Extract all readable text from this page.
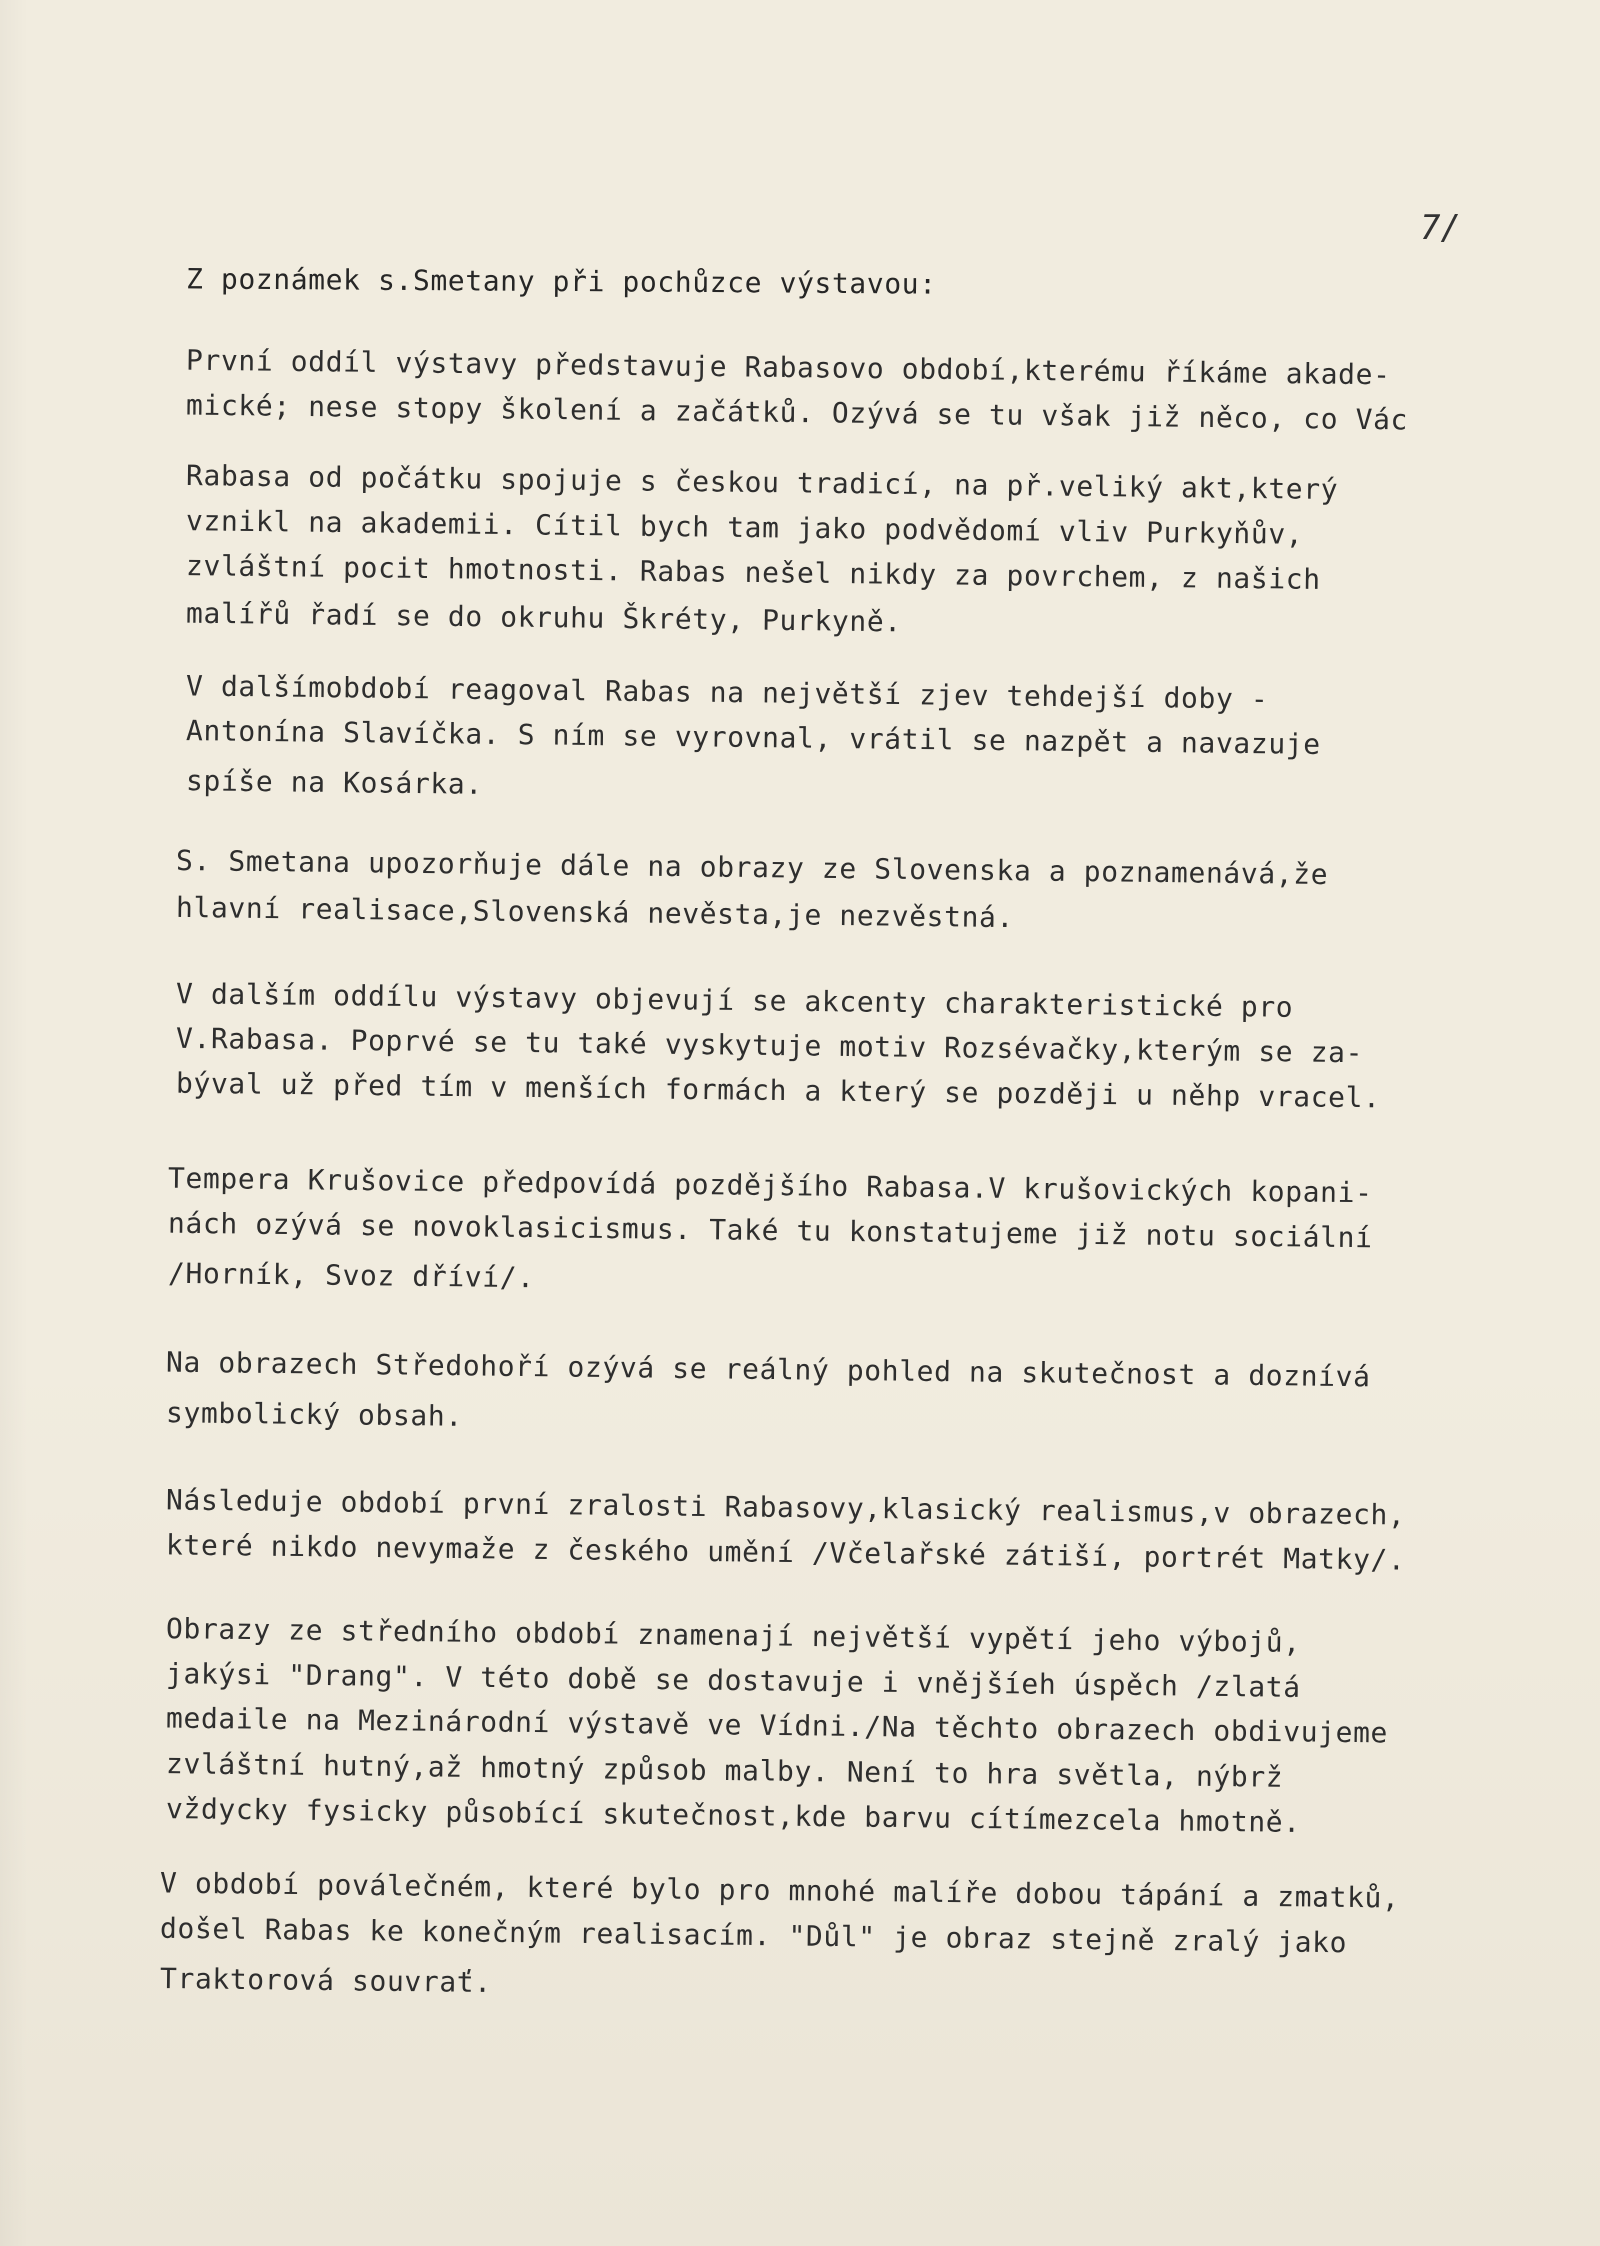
7/
Z poznámek s.Smetany při pochůzce výstavou:
První oddíl výstavy představuje Rabasovo období,kterému říkáme akade-
mické; nese stopy školení a začátků. Ozývá se tu však již něco, co Vác
Rabasa od počátku spojuje s českou tradicí, na př.veliký akt,který
vznikl na akademii. Cítil bych tam jako podvědomí vliv Purkyňův,
zvláštní pocit hmotnosti. Rabas nešel nikdy za povrchem, z našich
malířů řadí se do okruhu Škréty, Purkyně.
V dalšímobdobí reagoval Rabas na největší zjev tehdejší doby -
Antonína Slavíčka. S ním se vyrovnal, vrátil se nazpět a navazuje
spíše na Kosárka.
S. Smetana upozorňuje dále na obrazy ze Slovenska a poznamenává,že
hlavní realisace,Slovenská nevěsta,je nezvěstná.
V dalším oddílu výstavy objevují se akcenty charakteristické pro
V.Rabasa. Poprvé se tu také vyskytuje motiv Rozsévačky,kterým se za-
býval už před tím v menších formách a který se později u něhp vracel.
Tempera Krušovice předpovídá pozdějšího Rabasa.V krušovických kopani-
nách ozývá se novoklasicismus. Také tu konstatujeme již notu sociální
/Horník, Svoz dříví/.
Na obrazech Středohoří ozývá se reálný pohled na skutečnost a doznívá
symbolický obsah.
Následuje období první zralosti Rabasovy,klasický realismus,v obrazech,
které nikdo nevymaže z českého umění /Včelařské zátiší, portrét Matky/.
Obrazy ze středního období znamenají největší vypětí jeho výbojů,
jakýsi "Drang". V této době se dostavuje i vnějšíeh úspěch /zlatá
medaile na Mezinárodní výstavě ve Vídni./Na těchto obrazech obdivujeme
zvláštní hutný,až hmotný způsob malby. Není to hra světla, nýbrž
vždycky fysicky působící skutečnost,kde barvu cítímezcela hmotně.
V období poválečném, které bylo pro mnohé malíře dobou tápání a zmatků,
došel Rabas ke konečným realisacím. "Důl" je obraz stejně zralý jako
Traktorová souvrať.
